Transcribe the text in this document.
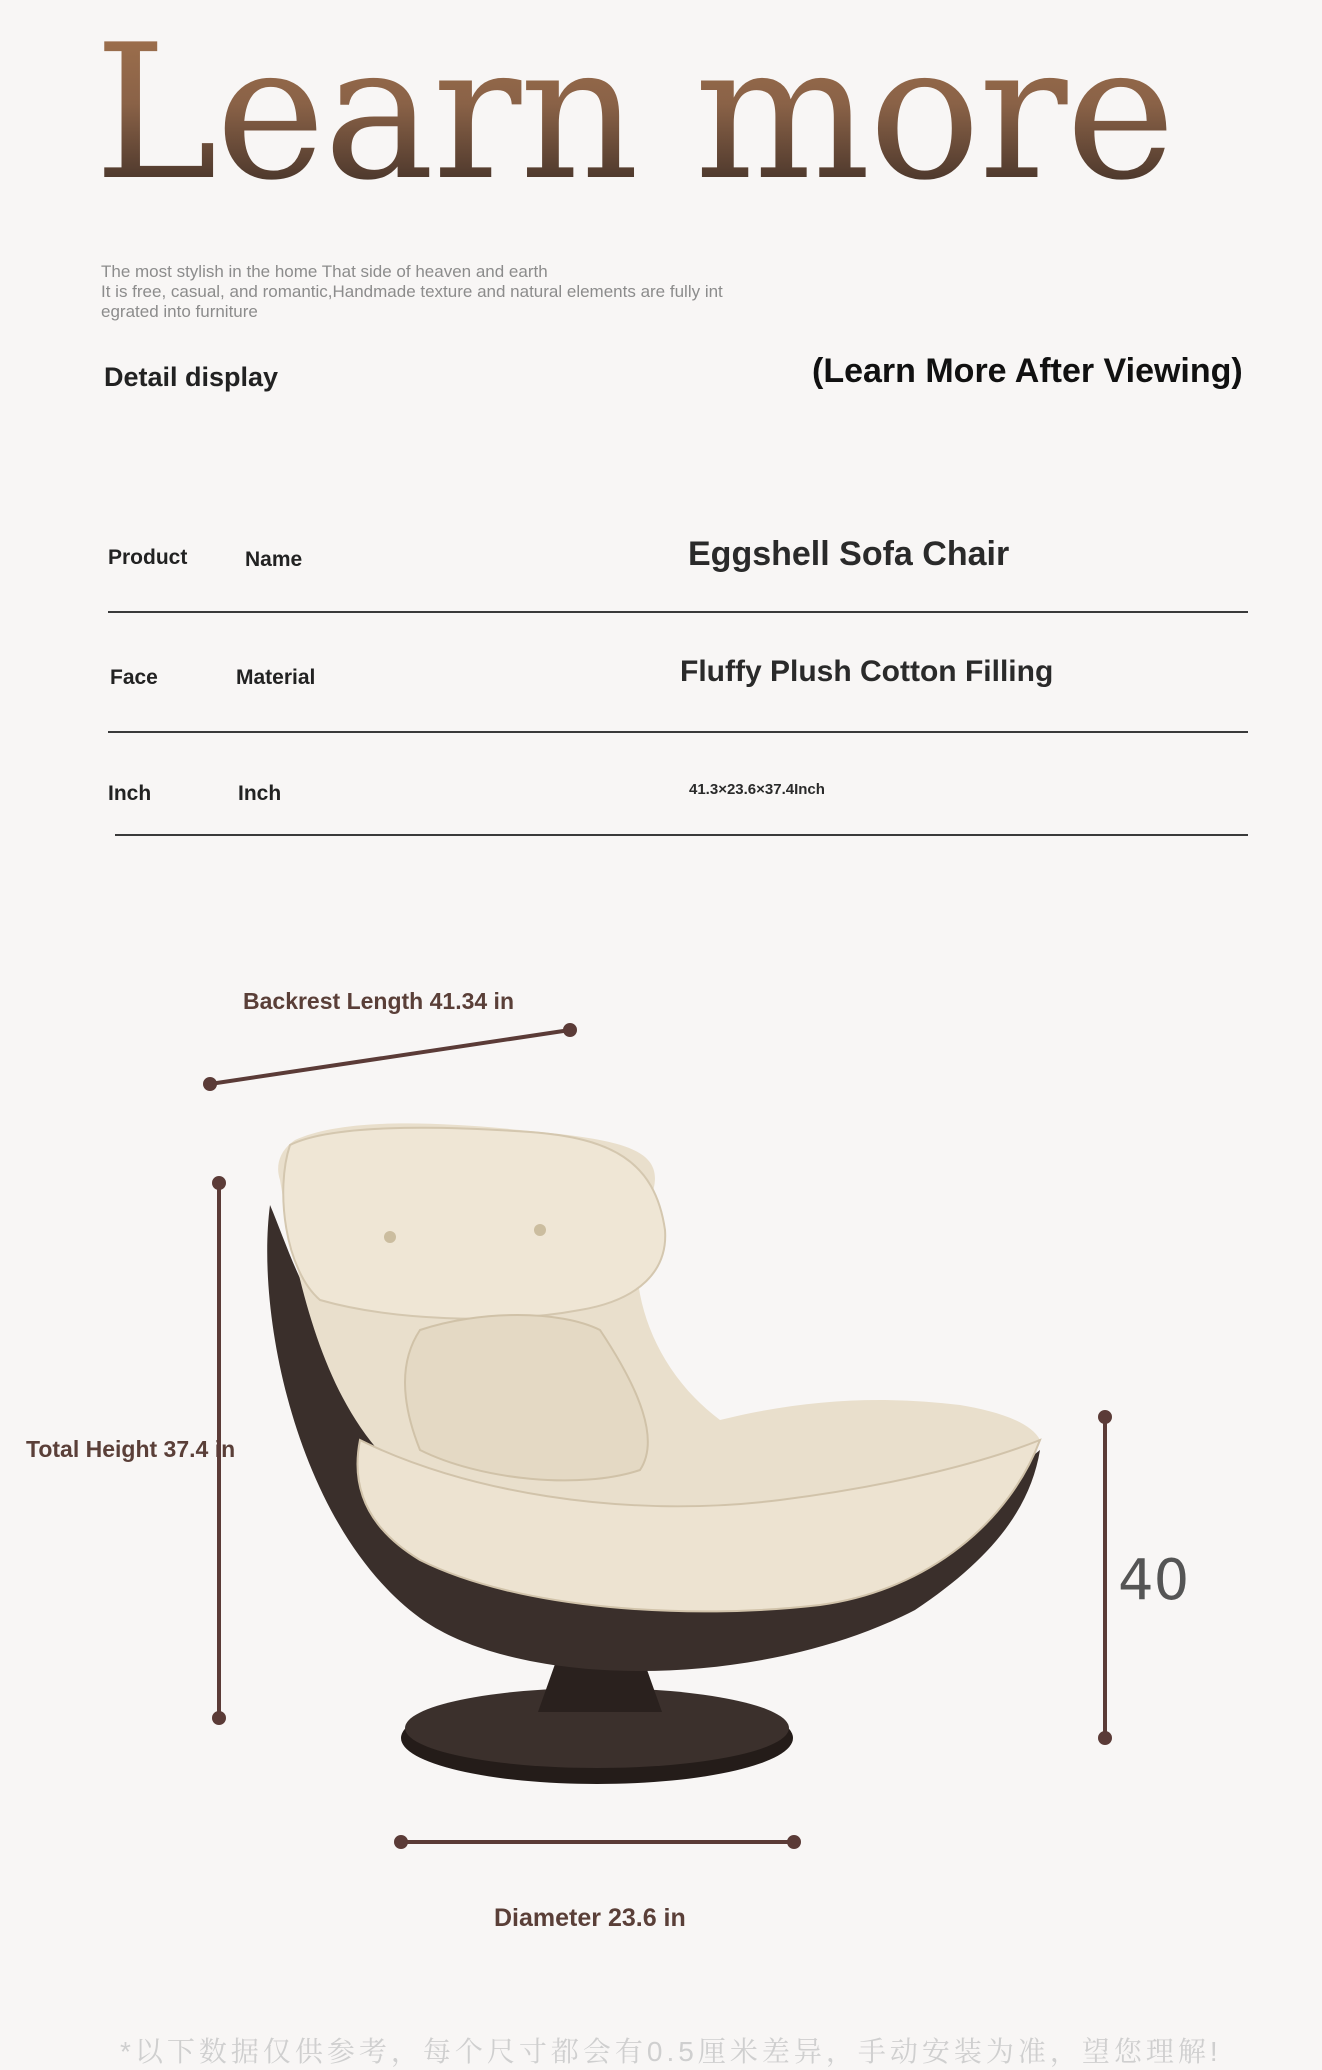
Learn more
The most stylish in the home That side of heaven and earth
It is free, casual, and romantic,Handmade texture and natural elements are fully int
egrated into furniture
Detail display	(Learn More After Viewing)
Product	Name	Eggshell Sofa Chair
Face	Material	Fluffy Plush Cotton Filling
Inch	Inch	41.3×23.6×37.4Inch
Backrest Length 41.34 in
Total Height 37.4 in
40
Diameter 23.6 in
*以下数据仅供参考，每个尺寸都会有0.5厘米差异，手动安装为准，望您理解!
